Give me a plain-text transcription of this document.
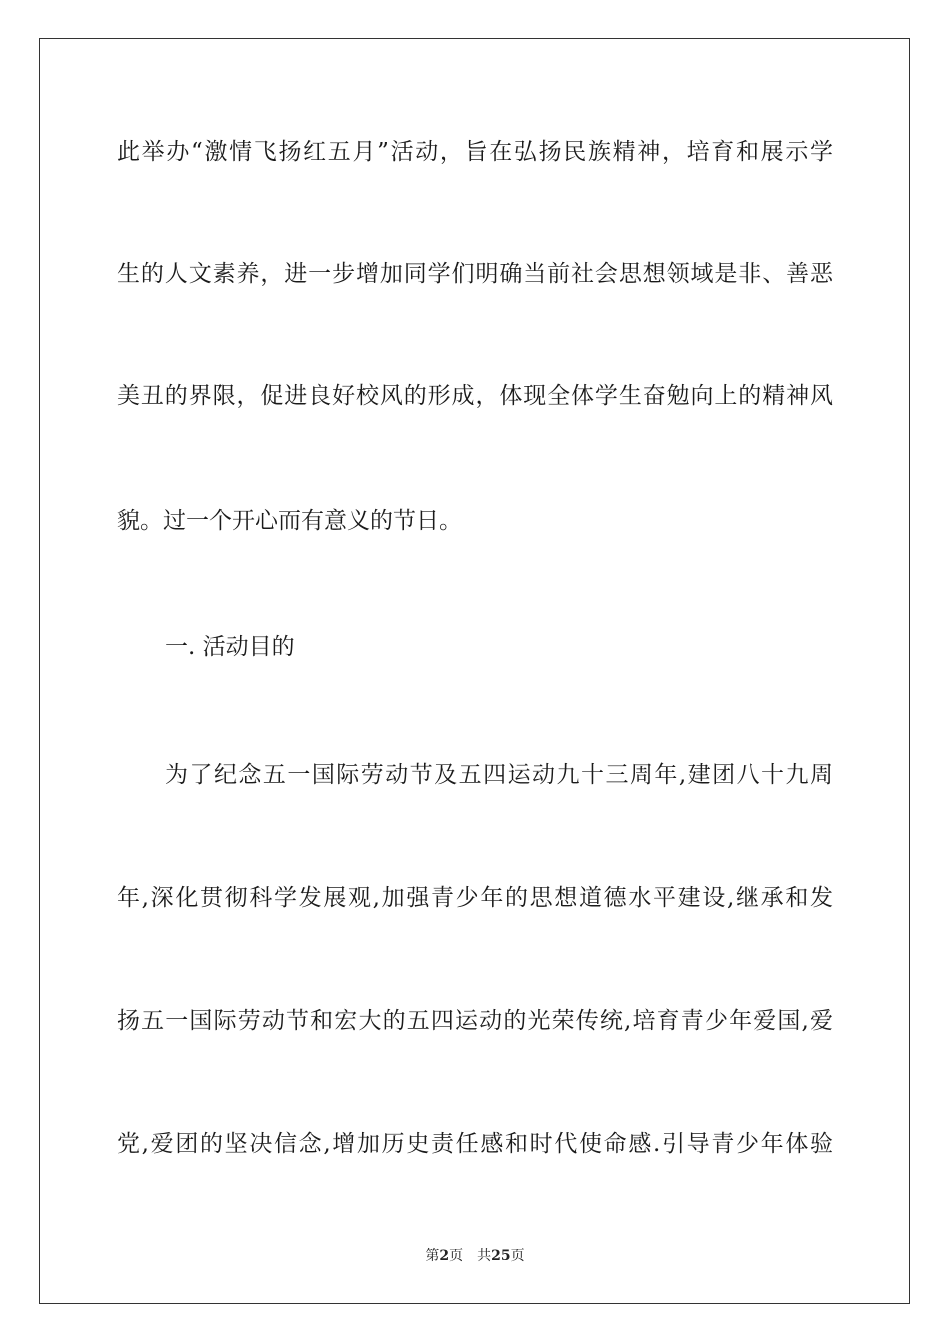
此举办“激情飞扬红五月”活动，旨在弘扬民族精神，培育和展示学
生的人文素养，进一步增加同学们明确当前社会思想领域是非、善恶
美丑的界限，促进良好校风的形成，体现全体学生奋勉向上的精神风
貌。过一个开心而有意义的节日。
一. 活动目的
为了纪念五一国际劳动节及五四运动九十三周年,建团八十九周
年,深化贯彻科学发展观,加强青少年的思想道德水平建设,继承和发
扬五一国际劳动节和宏大的五四运动的光荣传统,培育青少年爱国,爱
党,爱团的坚决信念,增加历史责任感和时代使命感.引导青少年体验
第2页 共25页
